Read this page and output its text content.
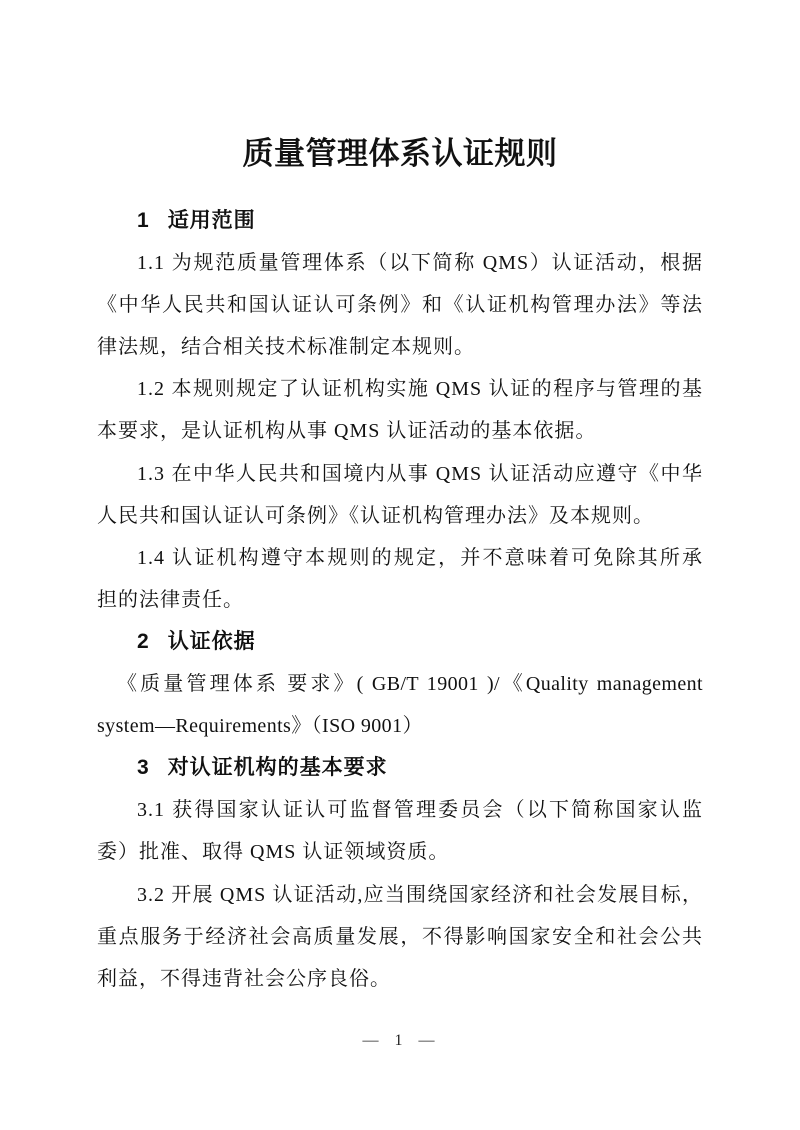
质量管理体系认证规则
1 适用范围
1.1 为规范质量管理体系（以下简称 QMS）认证活动，根据
《中华人民共和国认证认可条例》和《认证机构管理办法》等法
律法规，结合相关技术标准制定本规则。
1.2 本规则规定了认证机构实施 QMS 认证的程序与管理的基
本要求，是认证机构从事 QMS 认证活动的基本依据。
1.3 在中华人民共和国境内从事 QMS 认证活动应遵守《中华
人民共和国认证认可条例》《认证机构管理办法》及本规则。
1.4 认证机构遵守本规则的规定，并不意味着可免除其所承
担的法律责任。
2 认证依据
《质量管理体系 要求》( GB/T 19001 )/《Quality management
system—Requirements》（ISO 9001）
3 对认证机构的基本要求
3.1 获得国家认证认可监督管理委员会（以下简称国家认监
委）批准、取得 QMS 认证领域资质。
3.2 开展 QMS 认证活动,应当围绕国家经济和社会发展目标，
重点服务于经济社会高质量发展，不得影响国家安全和社会公共
利益，不得违背社会公序良俗。
— 1 —
